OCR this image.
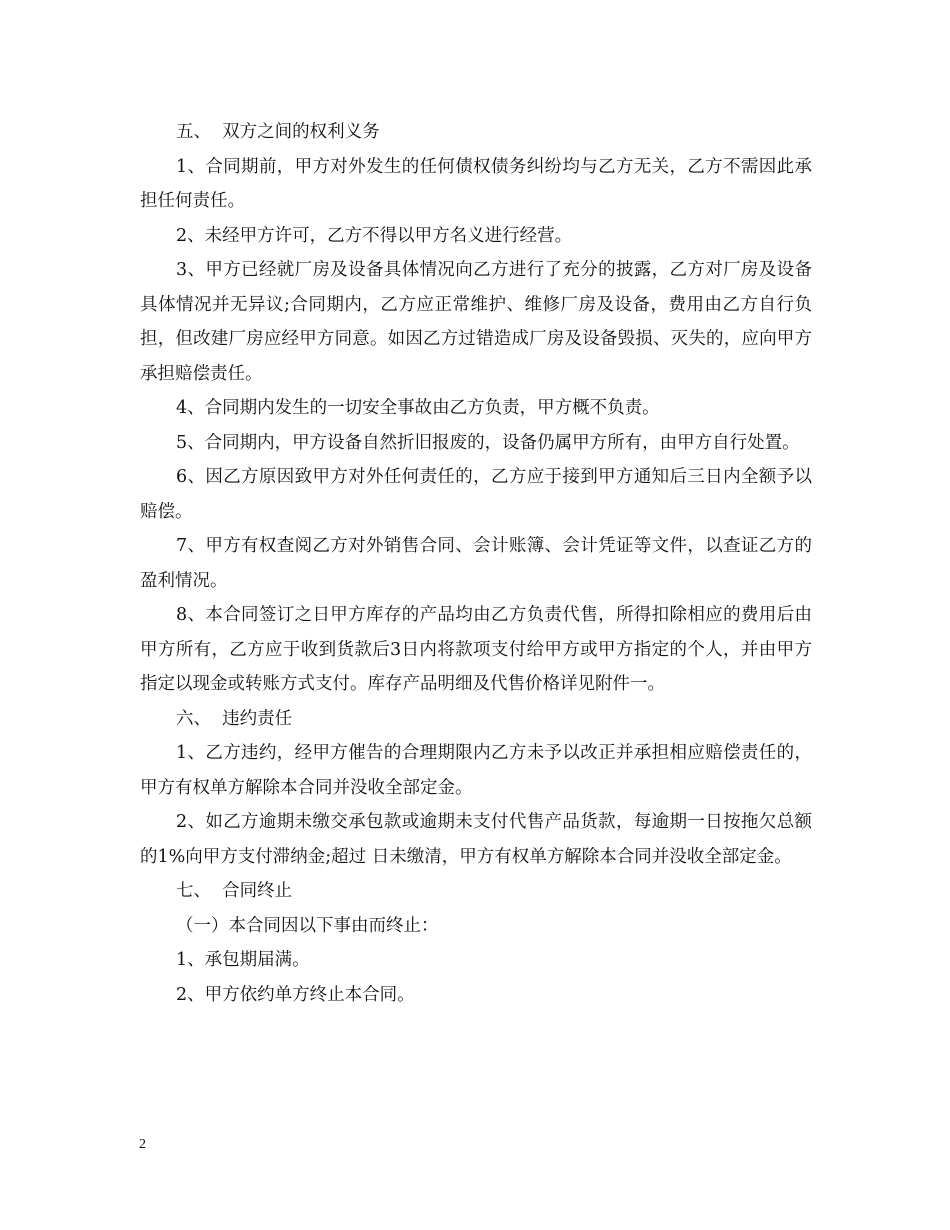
五、  双方之间的权利义务

1、合同期前，甲方对外发生的任何债权债务纠纷均与乙方无关，乙方不需因此承担任何责任。

2、未经甲方许可，乙方不得以甲方名义进行经营。

3、甲方已经就厂房及设备具体情况向乙方进行了充分的披露，乙方对厂房及设备具体情况并无异议;合同期内，乙方应正常维护、维修厂房及设备，费用由乙方自行负担，但改建厂房应经甲方同意。如因乙方过错造成厂房及设备毁损、灭失的，应向甲方承担赔偿责任。

4、合同期内发生的一切安全事故由乙方负责，甲方概不负责。

5、合同期内，甲方设备自然折旧报废的，设备仍属甲方所有，由甲方自行处置。

6、因乙方原因致甲方对外任何责任的，乙方应于接到甲方通知后三日内全额予以赔偿。

7、甲方有权查阅乙方对外销售合同、会计账簿、会计凭证等文件，以查证乙方的盈利情况。

8、本合同签订之日甲方库存的产品均由乙方负责代售，所得扣除相应的费用后由甲方所有，乙方应于收到货款后3日内将款项支付给甲方或甲方指定的个人，并由甲方指定以现金或转账方式支付。库存产品明细及代售价格详见附件一。

六、  违约责任

1、乙方违约，经甲方催告的合理期限内乙方未予以改正并承担相应赔偿责任的，甲方有权单方解除本合同并没收全部定金。

2、如乙方逾期未缴交承包款或逾期未支付代售产品货款，每逾期一日按拖欠总额的1%向甲方支付滞纳金;超过 日未缴清，甲方有权单方解除本合同并没收全部定金。

七、  合同终止

（一）本合同因以下事由而终止：

1、承包期届满。

2、甲方依约单方终止本合同。

2
